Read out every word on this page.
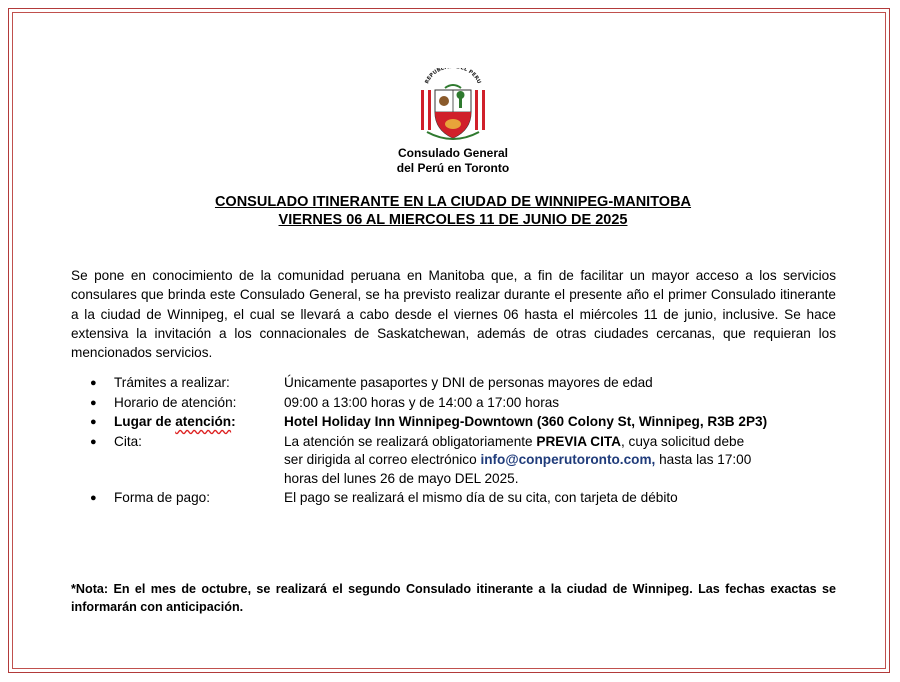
REPUBL EL PERU
Consulado General
del Perú en Toronto
CONSULADO ITINERANTE EN LA CIUDAD DE WINNIPEG-MANITOBA
VIERNES 06 AL MIERCOLES 11 DE JUNIO DE 2025
Se pone en conocimiento de la comunidad peruana en Manitoba que, a fin de facilitar un mayor acceso a los servicios consulares que brinda este Consulado General, se ha previsto realizar durante el presente año el primer Consulado itinerante a la ciudad de Winnipeg, el cual se llevará a cabo desde el viernes 06 hasta el miércoles 11 de junio, inclusive. Se hace extensiva la invitación a los connacionales de Saskatchewan, además de otras ciudades cercanas, que requieran los mencionados servicios.
●	Trámites a realizar:	Únicamente pasaportes y DNI de personas mayores de edad
●	Horario de atención:	09:00 a 13:00 horas y de 14:00 a 17:00 horas
●	Lugar de atención:	Hotel Holiday Inn Winnipeg-Downtown (360 Colony St, Winnipeg, R3B 2P3)
●	Cita:	La atención se realizará obligatoriamente PREVIA CITA, cuya solicitud debe
ser dirigida al correo electrónico info@conperutoronto.com, hasta las 17:00
horas del lunes 26 de mayo DEL 2025.
●	Forma de pago:	El pago se realizará el mismo día de su cita, con tarjeta de débito
*Nota: En el mes de octubre, se realizará el segundo Consulado itinerante a la ciudad de Winnipeg. Las fechas exactas se informarán con anticipación.
